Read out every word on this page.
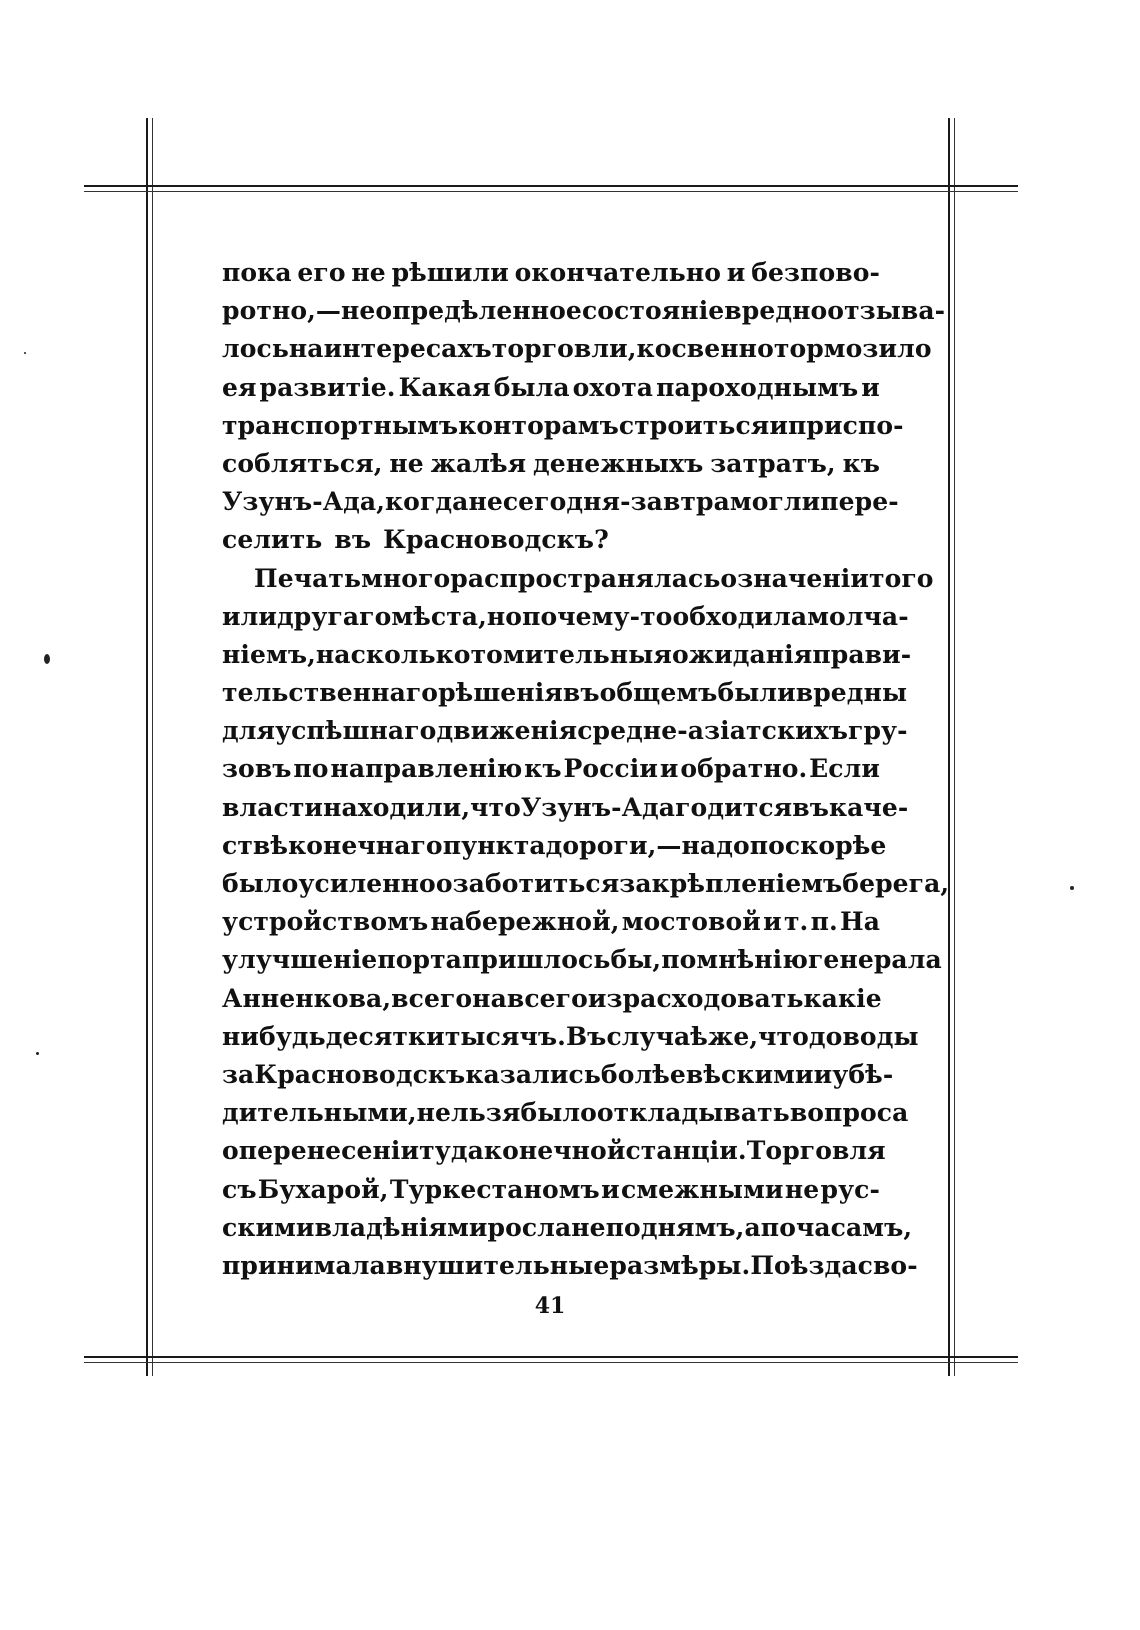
пока его не рѣшили окончательно и безпово-
ротно,—неопредѣленное состоянiе вредно отзыва-
лось на интересахъ торговли, косвенно тормозило
ея развитiе. Какая была охота пароходнымъ и
транспортнымъ конторамъ строиться и приспо-
собляться, не жалѣя денежныхъ затратъ, къ
Узунъ-Ада, когда не сегодня-завтра могли пере-
селить въ Красноводскъ?
Печать много распространялась о значенiи того
или другаго мѣста, но почему-то обходила молча-
нiемъ, насколько томительныя ожиданiя прави-
тельственнаго рѣшенiя въ общемъ были вредны
для успѣшнаго движенiя средне-азiатскихъ гру-
зовъ по направленiю къ Россiи и обратно. Если
власти находили, что Узунъ-Ада годится въ каче-
ствѣ конечнаго пункта дороги,—надо поскорѣе
было усиленно озаботиться закрѣпленiемъ берега,
устройствомъ набережной, мостовой и т. п. На
улучшенiе порта пришлось бы, по мнѣнiю генерала
Анненкова, всего на всего израсходовать какiе
нибудь десятки тысячъ. Въ случаѣ же, что доводы
за Красноводскъ казались болѣе вѣскими и убѣ-
дительными, нельзя было откладывать вопроса
о перенесенiи туда конечной станцiи. Торговля
съ Бухарой, Туркестаномъ и смежными не рус-
скими владѣнiями росла не по днямъ, а по часамъ,
принимала внушительные размѣры. Поѣзда сво-
41
